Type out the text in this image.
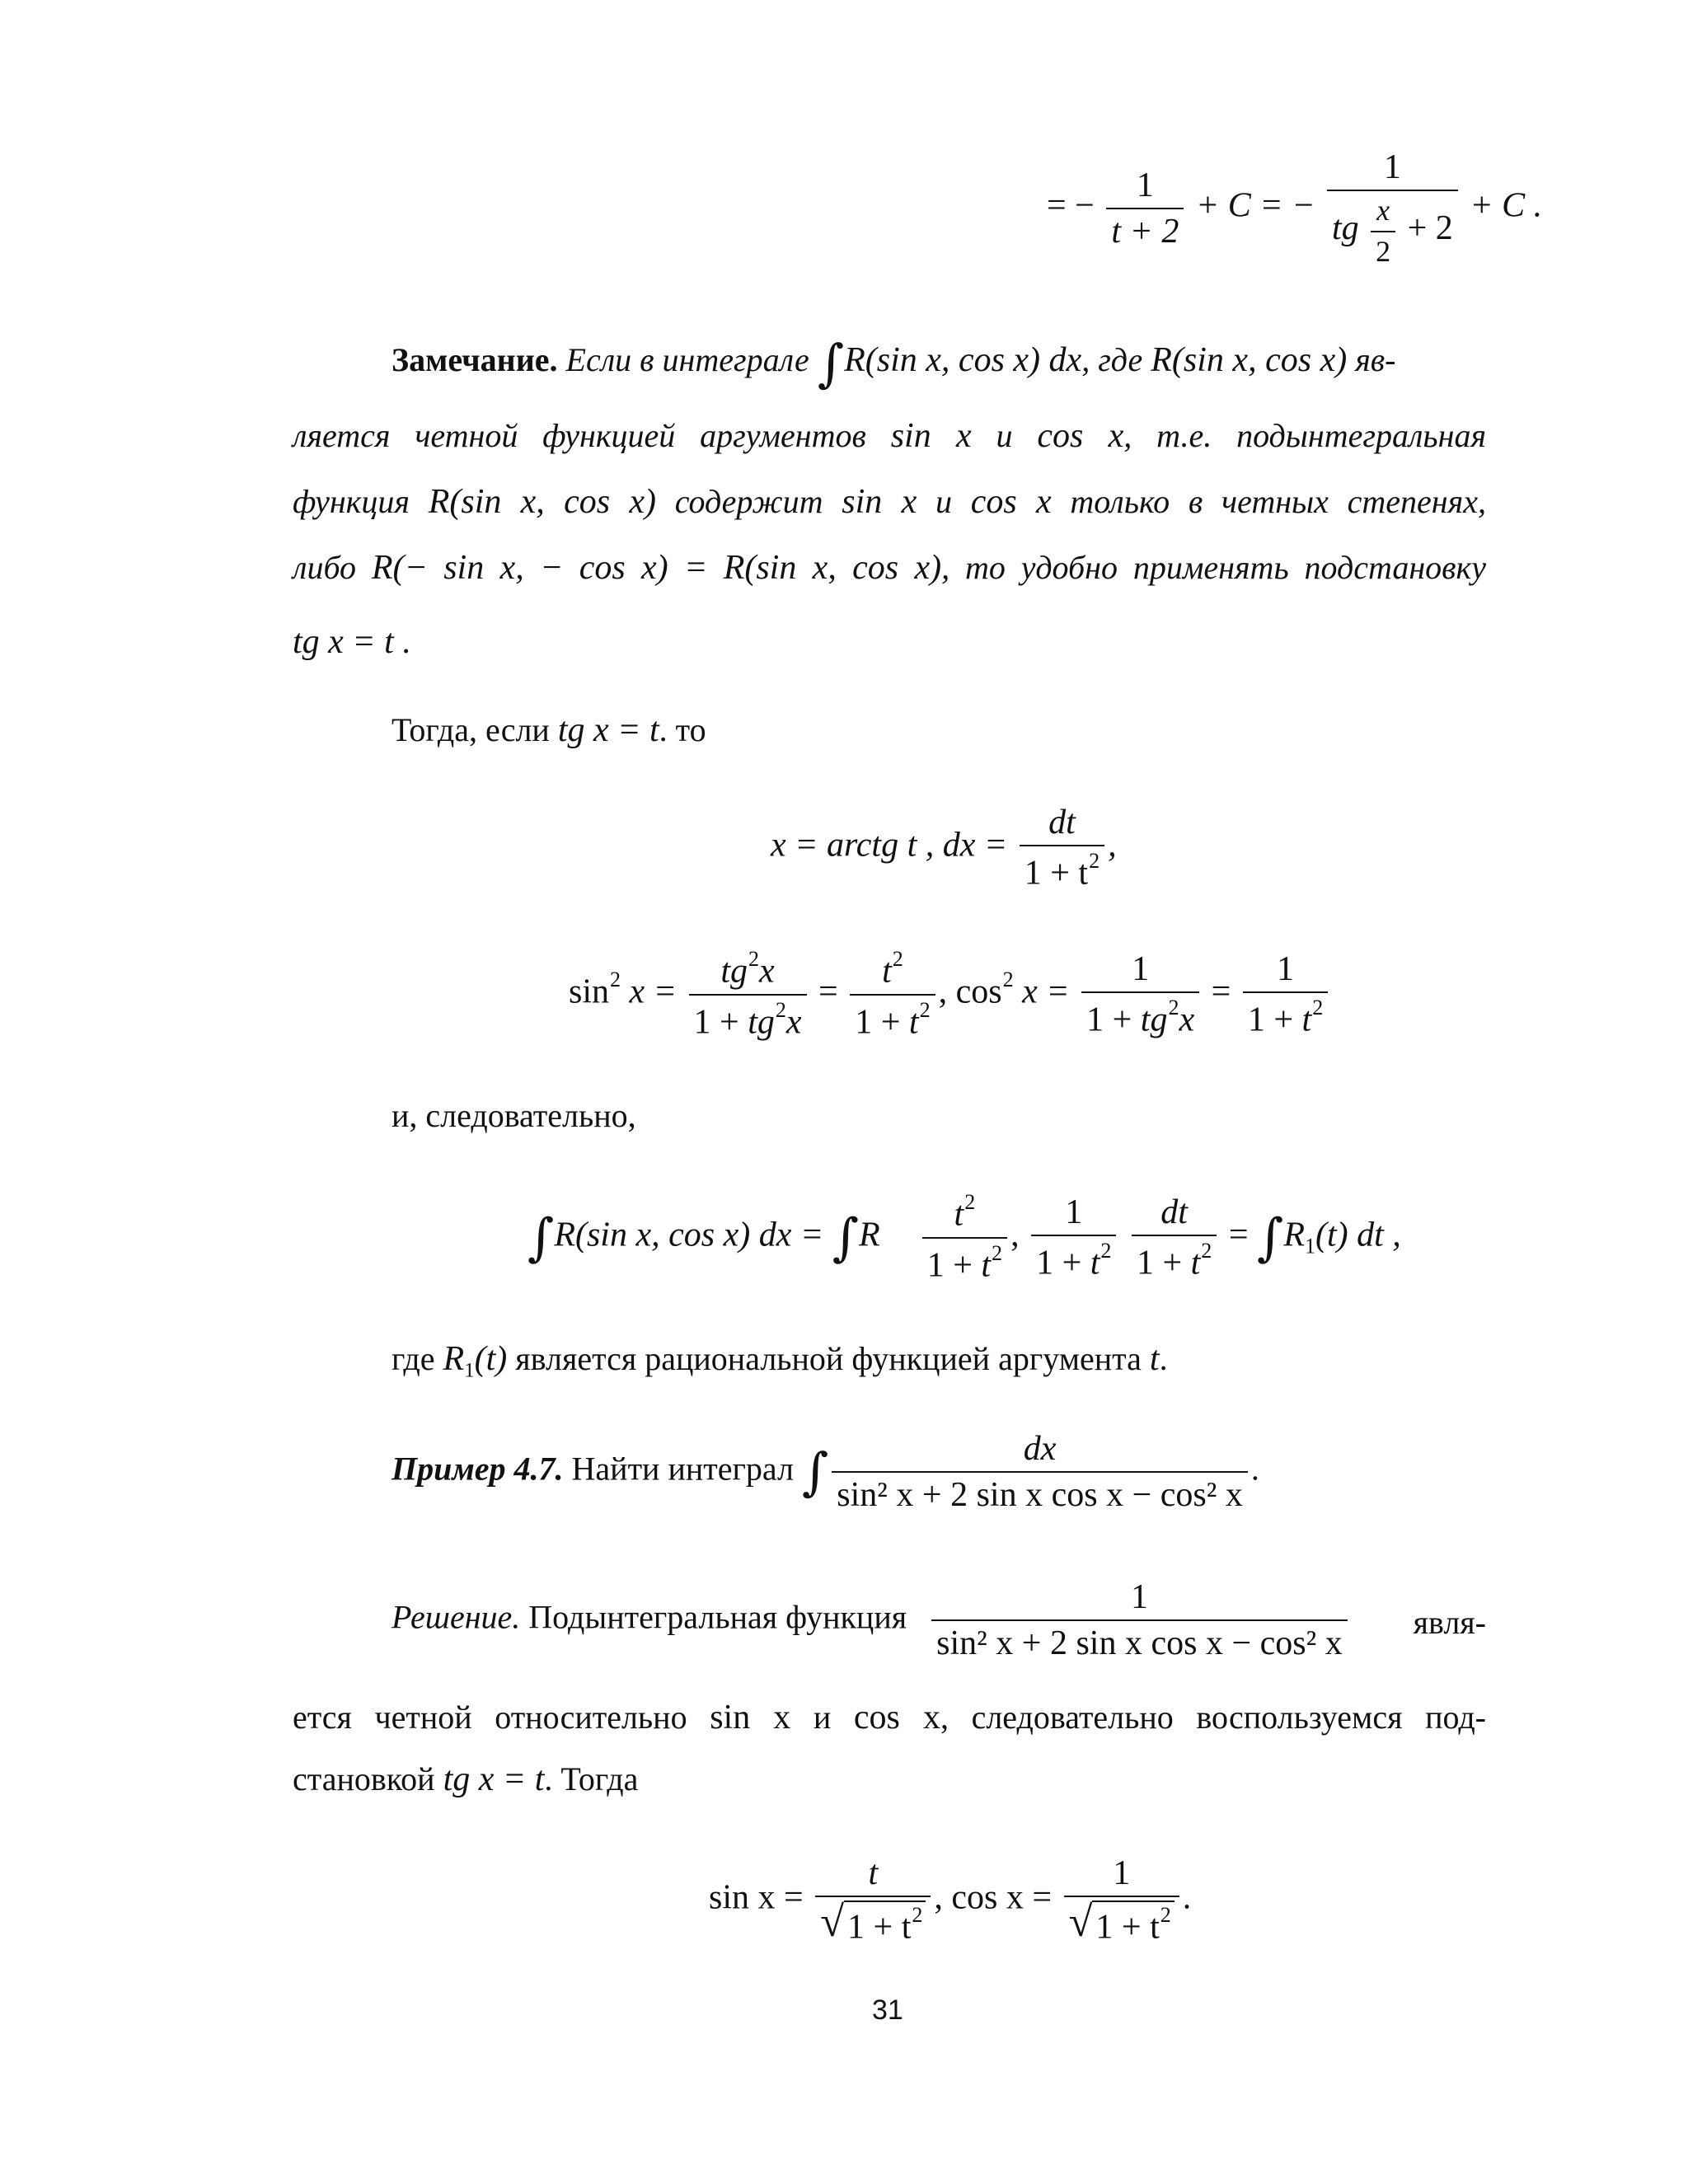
= − $\frac{1}{t + 2} + C$ = − $\frac{1}{tg \frac{x}{2} + 2} + C$ .
Замечание. Если в интеграле ∫R(sin x, cos x) dx, где R(sin x, cos x) яв-
ляется четной функцией аргументов sin x и cos x, т.е. подынтегральная
функция R(sin x, cos x) содержит sin x и cos x только в четных степенях,
либо R(− sin x, − cos x) = R(sin x, cos x), то удобно применять подстановку
tg x = t .
Тогда, если tg x = t. то
x = arctg t , dx = $\frac{dt}{1 + t^2}$ ,
$\sin^2 x = \frac{tg^2x}{1 + tg^2x} = \frac{t^2}{1 + t^2}$ , $\cos^2 x = \frac{1}{1 + tg^2x} = \frac{1}{1 + t^2}$
и, следовательно,
∫R(sin x, cos x) dx = $\int R \frac{t^2}{1 + t^2}$ , $\frac{1}{1 + t^2}$
$\frac{dt}{1 + t^2} = \int R_1(t)$ dt ,
где $R_1(t)$ является рациональной функцией аргумента t.
Пример 4.7. Найти интеграл ∫ $\frac{dx}{\text{sin² x + 2 sin x cos x − cos² x}}$ .
Решение. Подынтегральная функция $\frac{1}{\text{sin² x + 2 sin x cos x − cos² x}}$ явля-
ется четной относительно sin x и cos x, следовательно воспользуемся под-
становкой tg x = t. Тогда
$\sin x = \frac{t}{√ 1 + t^2}$ , $\cos x = \frac{1}{√ 1 + t^2}$ .
31
